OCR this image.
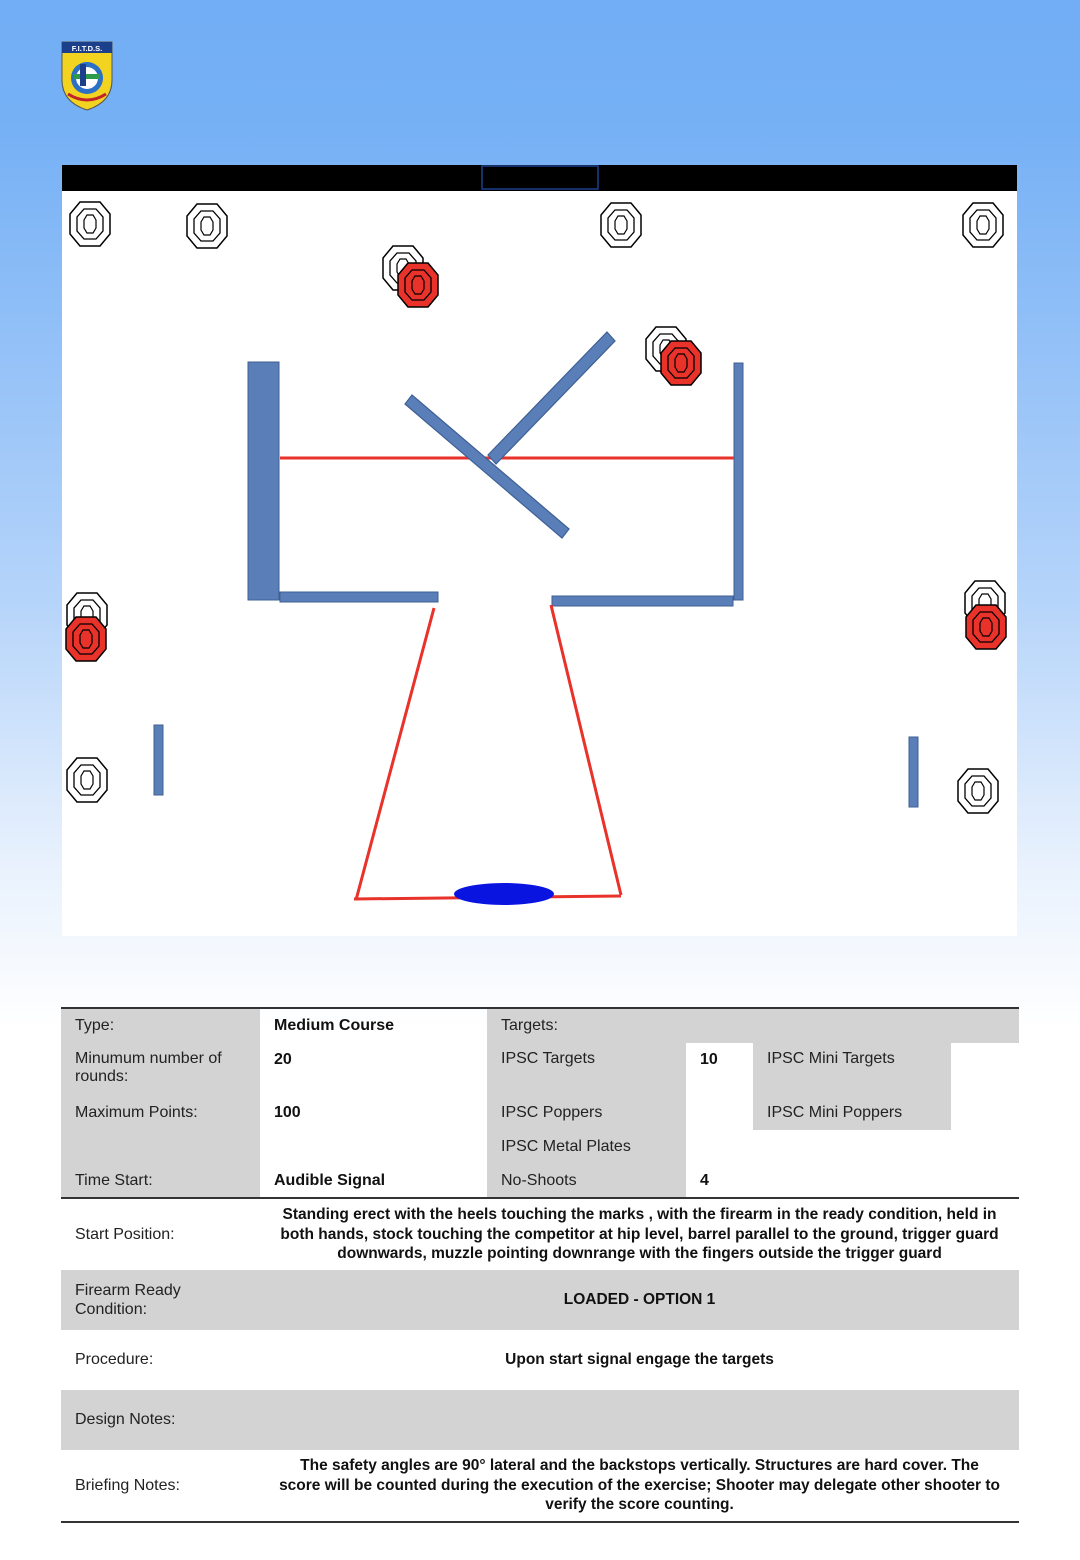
F.I.T.D.S.
Type:	Medium Course	Targets:			
Minumum number of rounds:	20	IPSC Targets	10	IPSC Mini Targets	
Maximum Points:	100	IPSC Poppers		IPSC Mini Poppers	
		IPSC Metal Plates			
Time Start:	Audible Signal	No-Shoots	4		
Start Position:	Standing erect with the heels touching the marks , with the firearm in the ready condition, held in both hands, stock touching the competitor at hip level, barrel parallel to the ground, trigger guard downwards, muzzle pointing downrange with the fingers outside the trigger guard				
Firearm Ready Condition:	LOADED - OPTION 1				
Procedure:	Upon start signal engage the targets				
Design Notes:					
Briefing Notes:	The safety angles are 90° lateral and the backstops vertically. Structures are hard cover. The score will be counted during the execution of the exercise; Shooter may delegate other shooter to verify the score counting.				
